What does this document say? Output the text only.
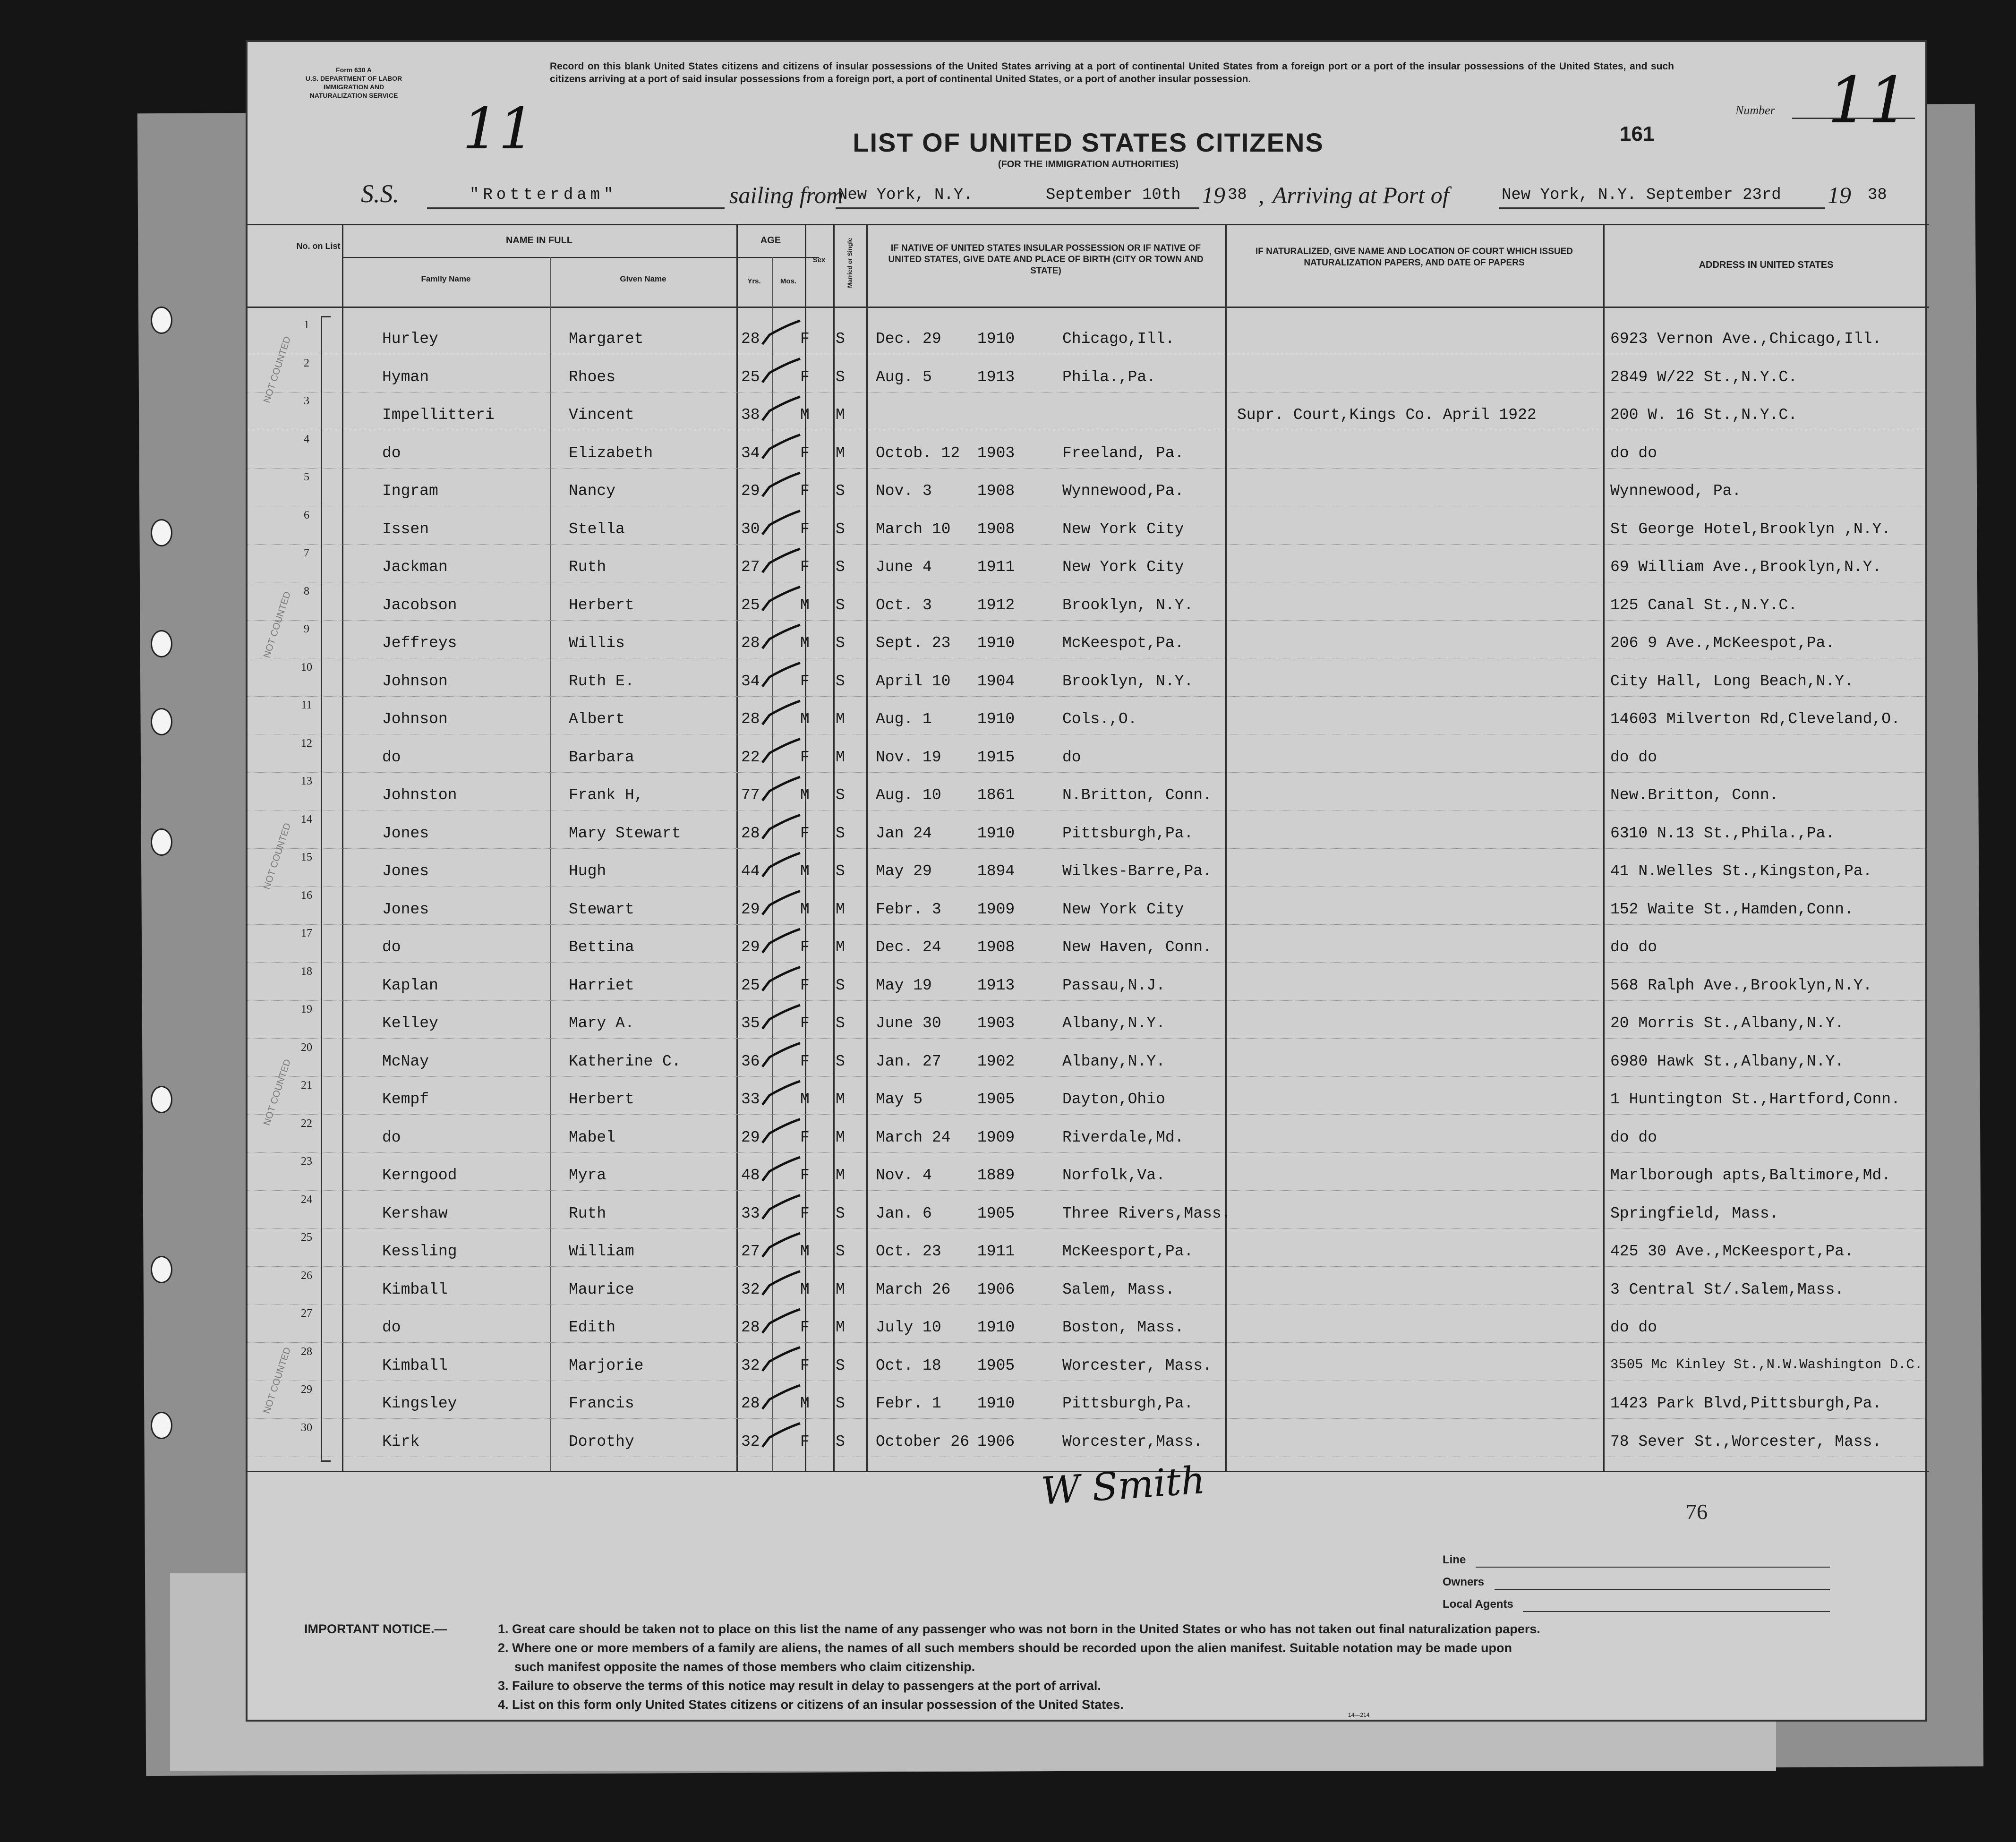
Form 630 A
U.S. DEPARTMENT OF LABOR
IMMIGRATION AND
NATURALIZATION SERVICE
11
Record on this blank United States citizens and citizens of insular possessions of the United States arriving at a port of continental United States from a foreign port or a port of the insular possessions of the United States, and such citizens arriving at a port of said insular possessions from a foreign port, a port of continental United States, or a port of another insular possession.
Number 11
LIST OF UNITED STATES CITIZENS
(FOR THE IMMIGRATION AUTHORITIES)
161
S.S.	"Rotterdam"	sailing from
New York, N.Y.	September 10th 19 38 , Arriving at Port of	New York, N.Y. September 23rd 19 38
No. on List
NAME IN FULL
Family Name	Given Name
AGE
Yrs.	Mos.
Sex	Married or Single	IF NATIVE OF UNITED STATES INSULAR POSSESSION OR IF NATIVE OF UNITED STATES, GIVE DATE AND PLACE OF BIRTH (CITY OR TOWN AND STATE)
IF NATURALIZED, GIVE NAME AND LOCATION OF COURT WHICH ISSUED NATURALIZATION PAPERS, AND DATE OF PAPERS	ADDRESS IN UNITED STATES
1
Hurley	Margaret	28	F S Dec. 29 1910	Chicago,Ill.	6923 Vernon Ave.,Chicago,Ill.
2
Hyman	Rhoes	25	F S Aug. 5	1913	Phila.,Pa.	2849 W/22 St.,N.Y.C.
3
Impellitteri	Vincent	38	M M	Supr. Court,Kings Co. April 1922	200 W. 16 St.,N.Y.C.
4
do	Elizabeth	34	F M Octob. 12 1903	Freeland, Pa.	do do
5
Ingram	Nancy	29	F S Nov. 3	1908	Wynnewood,Pa.	Wynnewood, Pa.
6
Issen	Stella	30	F S March 10 1908	New York City	St George Hotel,Brooklyn ,N.Y.
7
Jackman	Ruth	27	F S June 4	1911	New York City	69 William Ave.,Brooklyn,N.Y.
8
Jacobson	Herbert	25	M S Oct. 3	1912	Brooklyn, N.Y.	125 Canal St.,N.Y.C.
9
Jeffreys	Willis	28	M S Sept. 23 1910	McKeespot,Pa.	206 9 Ave.,McKeespot,Pa.
10
Johnson	Ruth E.	34	F S April 10 1904	Brooklyn, N.Y.	City Hall, Long Beach,N.Y.
11
Johnson	Albert	28	M M Aug. 1	1910	Cols.,O.	14603 Milverton Rd,Cleveland,O.
12
do	Barbara	22	F M Nov. 19 1915	do	do do
13
Johnston	Frank H,	77	M S Aug. 10 1861	N.Britton, Conn.	New.Britton, Conn.
14
Jones	Mary Stewart	28	F S Jan 24	1910	Pittsburgh,Pa.	6310 N.13 St.,Phila.,Pa.
15
Jones	Hugh	44	M S May 29	1894	Wilkes-Barre,Pa.	41 N.Welles St.,Kingston,Pa.
16
Jones	Stewart	29	M M Febr. 3 1909	New York City	152 Waite St.,Hamden,Conn.
17
do	Bettina	29	F M Dec. 24 1908	New Haven, Conn.	do do
18
Kaplan	Harriet	25	F S May 19	1913	Passau,N.J.	568 Ralph Ave.,Brooklyn,N.Y.
19
Kelley	Mary A.	35	F S June 30 1903	Albany,N.Y.	20 Morris St.,Albany,N.Y.
20
McNay	Katherine C.	36	F S Jan. 27 1902	Albany,N.Y.	6980 Hawk St.,Albany,N.Y.
21
Kempf	Herbert	33	M M May 5	1905	Dayton,Ohio	1 Huntington St.,Hartford,Conn.
22
do	Mabel	29	F M March 24 1909	Riverdale,Md.	do do
23
Kerngood	Myra	48	F M Nov. 4	1889	Norfolk,Va.	Marlborough apts,Baltimore,Md.
24
Kershaw	Ruth	33	F S Jan. 6	1905	Three Rivers,Mass.	Springfield, Mass.
25
Kessling	William	27	M S Oct. 23 1911	McKeesport,Pa.	425 30 Ave.,McKeesport,Pa.
26
Kimball	Maurice	32	M M March 26 1906	Salem, Mass.	3 Central St/.Salem,Mass.
27
do	Edith	28	F M July 10 1910	Boston, Mass.	do do
28
Kimball	Marjorie	32	F S Oct. 18 1905	Worcester, Mass.	3505 Mc Kinley St.,N.W.Washington D.C.
29
Kingsley	Francis	28	M S Febr. 1 1910	Pittsburgh,Pa.	1423 Park Blvd,Pittsburgh,Pa.
30
Kirk	Dorothy	32	F S October 26 1906	Worcester,Mass.	78 Sever St.,Worcester, Mass.
NOT COUNTED
NOT COUNTED
NOT COUNTED
NOT COUNTED
NOT COUNTED
W Smith	76
Line
Owners
Local Agents
IMPORTANT NOTICE.—	1. Great care should be taken not to place on this list the name of any passenger who was not born in the United States or who has not taken out final naturalization papers.
2. Where one or more members of a family are aliens, the names of all such members should be recorded upon the alien manifest. Suitable notation may be made upon
such manifest opposite the names of those members who claim citizenship.
3. Failure to observe the terms of this notice may result in delay to passengers at the port of arrival.
4. List on this form only United States citizens or citizens of an insular possession of the United States.
14—214
